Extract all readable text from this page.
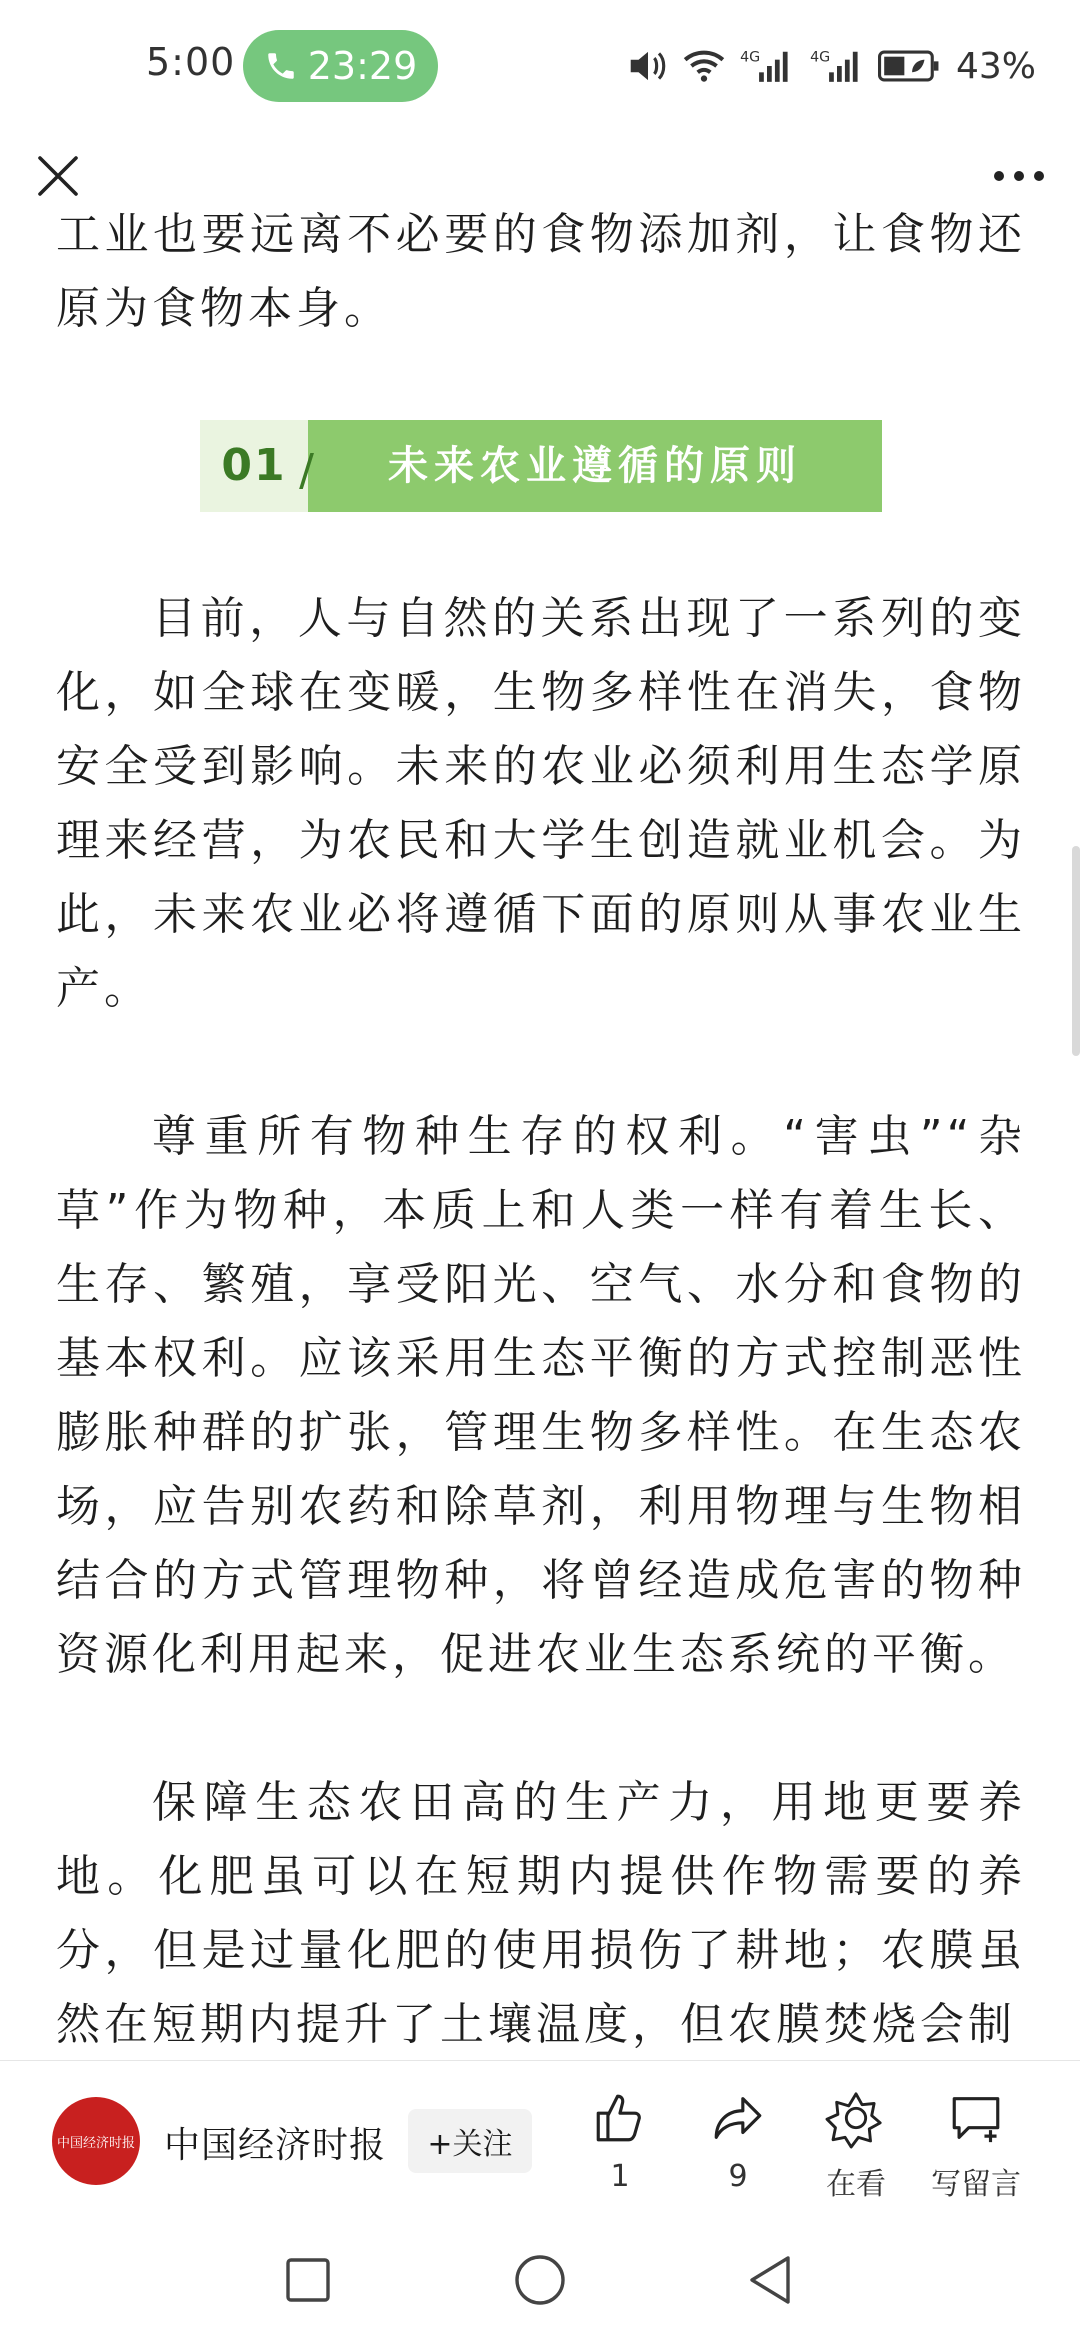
5:00 23:29	4G	4G	43%

工业也要远离不必要的食物添加剂，让食物还原为食物本身。

01 /	未来农业遵循的原则

目前，人与自然的关系出现了一系列的变化，如全球在变暖，生物多样性在消失，食物安全受到影响。未来的农业必须利用生态学原理来经营，为农民和大学生创造就业机会。为此，未来农业必将遵循下面的原则从事农业生产。

尊重所有物种生存的权利。“害虫”“杂草”作为物种，本质上和人类一样有着生长、生存、繁殖，享受阳光、空气、水分和食物的基本权利。应该采用生态平衡的方式控制恶性膨胀种群的扩张，管理生物多样性。在生态农场，应告别农药和除草剂，利用物理与生物相结合的方式管理物种，将曾经造成危害的物种资源化利用起来，促进农业生态系统的平衡。

保障生态农田高的生产力，用地更要养地。化肥虽可以在短期内提供作物需要的养分，但是过量化肥的使用损伤了耕地；农膜虽然在短期内提升了土壤温度，但农膜焚烧会制

中国经济时报 中国经济时报	+关注
1	9	在看 写留言
